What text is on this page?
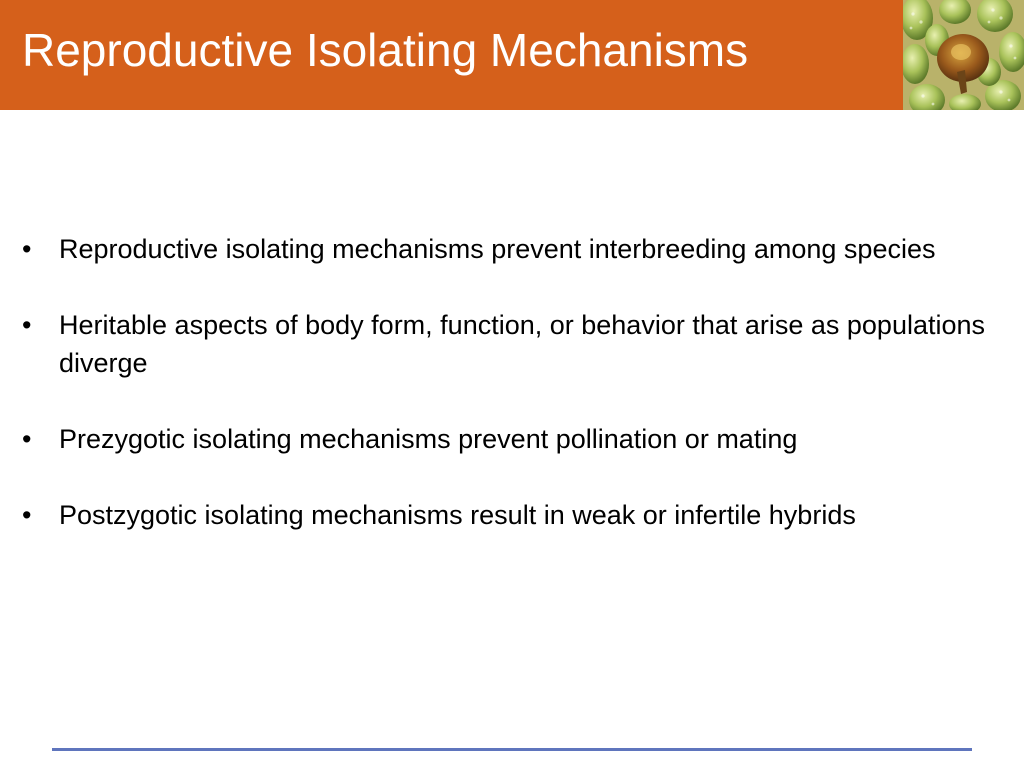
Reproductive Isolating Mechanisms
•	Reproductive isolating mechanisms prevent interbreeding among species
•	Heritable aspects of body form, function, or behavior that arise as populations diverge
•	Prezygotic isolating mechanisms prevent pollination or mating
•	Postzygotic isolating mechanisms result in weak or infertile hybrids
